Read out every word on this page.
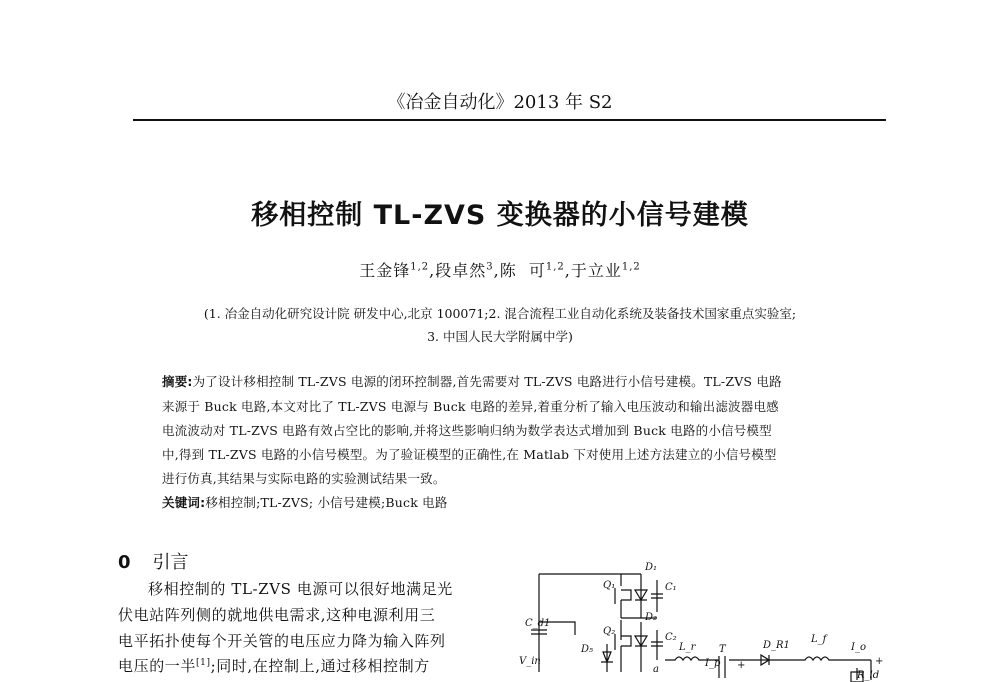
《冶金自动化》2013 年 S2
移相控制 TL-ZVS 变换器的小信号建模
王金锋$^{1,2}$,段卓然$^3$,陈  可$^{1,2}$,于立业$^{1,2}$
(1. 冶金自动化研究设计院 研发中心,北京 100071;2. 混合流程工业自动化系统及装备技术国家重点实验室;
3. 中国人民大学附属中学)
摘要:为了设计移相控制 TL-ZVS 电源的闭环控制器,首先需要对 TL-ZVS 电路进行小信号建模。TL-ZVS 电路
来源于 Buck 电路,本文对比了 TL-ZVS 电源与 Buck 电路的差异,着重分析了输入电压波动和输出滤波器电感
电流波动对 TL-ZVS 电路有效占空比的影响,并将这些影响归纳为数学表达式增加到 Buck 电路的小信号模型
中,得到 TL-ZVS 电路的小信号模型。为了验证模型的正确性,在 Matlab 下对使用上述方法建立的小信号模型
进行仿真,其结果与实际电路的实验测试结果一致。
关键词:移相控制;TL-ZVS; 小信号建模;Buck 电路
0 引言
移相控制的 TL-ZVS 电源可以很好地满足光
伏电站阵列侧的就地供电需求,这种电源利用三
电平拓扑使每个开关管的电压应力降为输入阵列
电压的一半[1];同时,在控制上,通过移相控制方
D₁
Q₁	C₁
D₂
Q₂
C₂
C_d1
V_in
D₅
a
L_r
I_p
T	D_R1
L_f
I_o
R_ld
+
+
